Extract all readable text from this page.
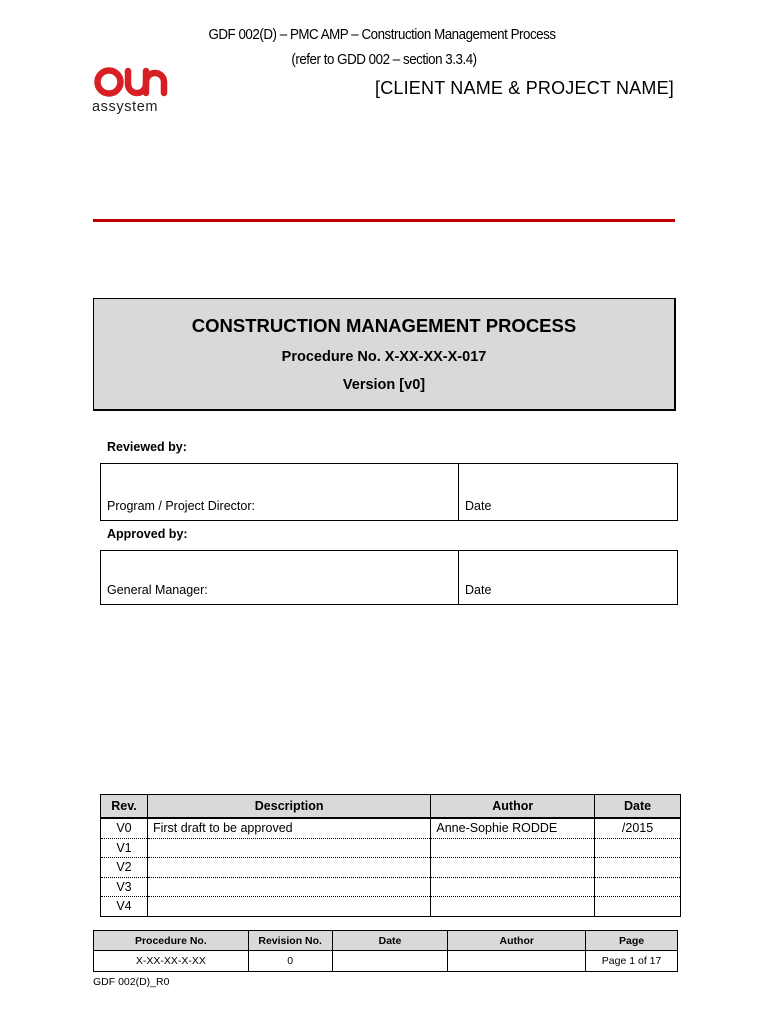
GDF 002(D) – PMC AMP – Construction Management Process
(refer to GDD 002 – section 3.3.4)
assystem
[CLIENT NAME & PROJECT NAME]
CONSTRUCTION MANAGEMENT PROCESS
Procedure No. X-XX-XX-X-017
Version [v0]
Reviewed by:
Program / Project Director:	Date
Approved by:
General Manager:	Date
Rev.	Description	Author	Date
V0	First draft to be approved	Anne-Sophie RODDE	/2015
V1			
V2			
V3			
V4			
Procedure No.	Revision No.	Date	Author	Page
X-XX-XX-X-XX	0			Page 1 of 17
GDF 002(D)_R0
